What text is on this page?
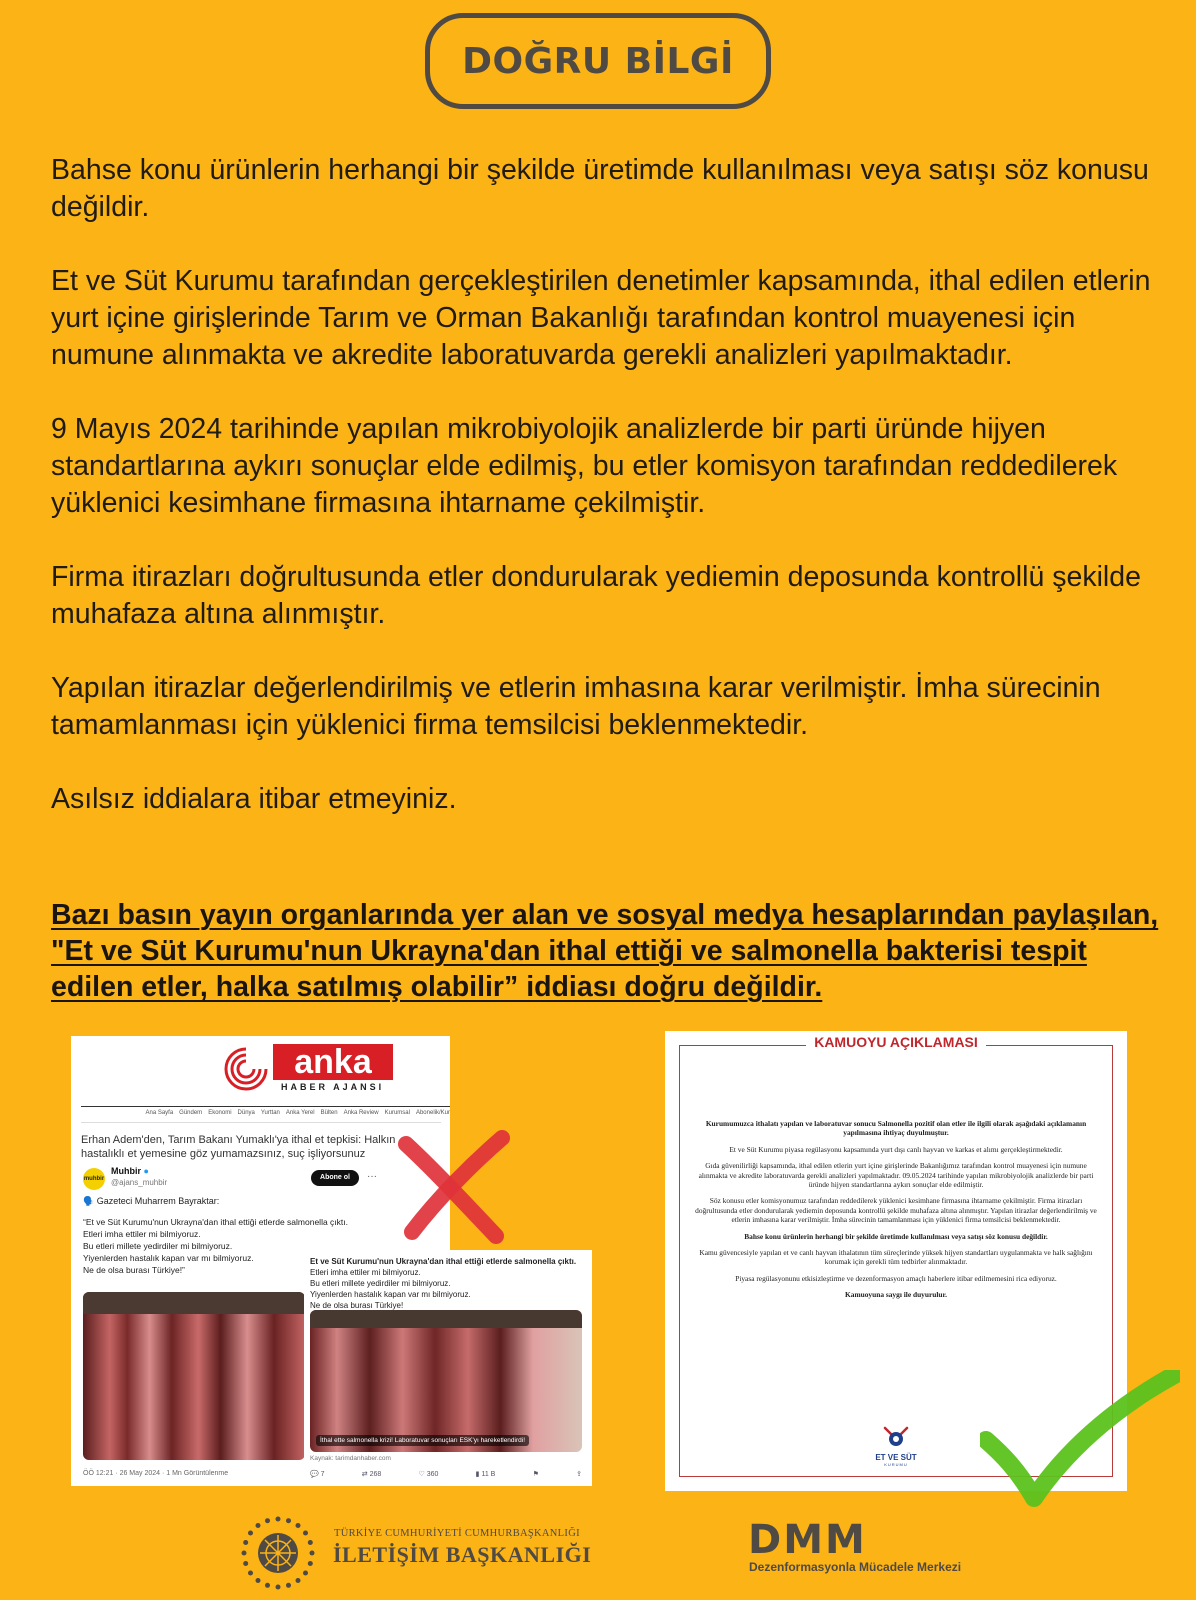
DOĞRU BİLGİ

Bahse konu ürünlerin herhangi bir şekilde üretimde kullanılması veya satışı söz konusu değildir.

Et ve Süt Kurumu tarafından gerçekleştirilen denetimler kapsamında, ithal edilen etlerin yurt içine girişlerinde Tarım ve Orman Bakanlığı tarafından kontrol muayenesi için numune alınmakta ve akredite laboratuvarda gerekli analizleri yapılmaktadır.

9 Mayıs 2024 tarihinde yapılan mikrobiyolojik analizlerde bir parti üründe hijyen standartlarına aykırı sonuçlar elde edilmiş, bu etler komisyon tarafından reddedilerek yüklenici kesimhane firmasına ihtarname çekilmiştir.

Firma itirazları doğrultusunda etler dondurularak yediemin deposunda kontrollü şekilde muhafaza altına alınmıştır.

Yapılan itirazlar değerlendirilmiş ve etlerin imhasına karar verilmiştir. İmha sürecinin tamamlanması için yüklenici firma temsilcisi beklenmektedir.

Asılsız iddialara itibar etmeyiniz.

Bazı basın yayın organlarında yer alan ve sosyal medya hesaplarından paylaşılan, "Et ve Süt Kurumu'nun Ukrayna'dan ithal ettiği ve salmonella bakterisi tespit edilen etler, halka satılmış olabilir” iddiası doğru değildir.
anka
HABER AJANSI
Ana Sayfa Gündem Ekonomi Dünya Yurttan Anka Yerel Bülten Anka Review Kurumsal Abonelik/Kur
Erhan Adem'den, Tarım Bakanı Yumaklı'ya ithal et tepkisi: Halkın hastalıklı et yemesine göz yumamazsınız, suç işliyorsunuz
muhbir
Muhbir ●
@ajans_muhbir
Abone ol	···
🗣️ Gazeteci Muharrem Bayraktar:
“Et ve Süt Kurumu'nun Ukrayna'dan ithal ettiği etlerde salmonella çıktı.
Etleri imha ettiler mi bilmiyoruz.
Bu etleri millete yedirdiler mi bilmiyoruz.
Yiyenlerden hastalık kapan var mı bilmiyoruz.
Ne de olsa burası Türkiye!”
ÖÖ 12:21 · 26 May 2024 · 1 Mn Görüntülenme
Et ve Süt Kurumu'nun Ukrayna'dan ithal ettiği etlerde salmonella çıktı.
Etleri imha ettiler mi bilmiyoruz.
Bu etleri millete yedirdiler mi bilmiyoruz.
Yiyenlerden hastalık kapan var mı bilmiyoruz.
Ne de olsa burası Türkiye!
İthal ette salmonella krizi! Laboratuvar sonuçları ESK'yı hareketlendirdi!
Kaynak: tarimdanhaber.com
💬 7	⇄ 268	♡ 360	▮ 11 B	⚑	⇪
KAMUOYU AÇIKLAMASI

Kurumumuzca ithalatı yapılan ve laboratuvar sonucu Salmonella pozitif olan etler ile ilgili olarak aşağıdaki açıklamanın yapılmasına ihtiyaç duyulmuştur.

Et ve Süt Kurumu piyasa regülasyonu kapsamında yurt dışı canlı hayvan ve karkas et alımı gerçekleştirmektedir.

Gıda güvenilirliği kapsamında, ithal edilen etlerin yurt içine girişlerinde Bakanlığımız tarafından kontrol muayenesi için numune alınmakta ve akredite laboratuvarda gerekli analizleri yapılmaktadır. 09.05.2024 tarihinde yapılan mikrobiyolojik analizlerde bir parti üründe hijyen standartlarına aykırı sonuçlar elde edilmiştir.

Söz konusu etler komisyonumuz tarafından reddedilerek yüklenici kesimhane firmasına ihtarname çekilmiştir. Firma itirazları doğrultusunda etler dondurularak yediemin deposunda kontrollü şekilde muhafaza altına alınmıştır. Yapılan itirazlar değerlendirilmiş ve etlerin imhasına karar verilmiştir. İmha sürecinin tamamlanması için yüklenici firma temsilcisi beklenmektedir.

Bahse konu ürünlerin herhangi bir şekilde üretimde kullanılması veya satışı söz konusu değildir.

Kamu güvencesiyle yapılan et ve canlı hayvan ithalatının tüm süreçlerinde yüksek hijyen standartları uygulanmakta ve halk sağlığını korumak için gerekli tüm tedbirler alınmaktadır.

Piyasa regülasyonunu etkisizleştirme ve dezenformasyon amaçlı haberlere itibar edilmemesini rica ediyoruz.

Kamuoyuna saygı ile duyurulur.

ET VE SÜT
KURUMU
TÜRKİYE CUMHURİYETİ CUMHURBAŞKANLIĞI
İLETİŞİM BAŞKANLIĞI	DMM
Dezenformasyonla Mücadele Merkezi
